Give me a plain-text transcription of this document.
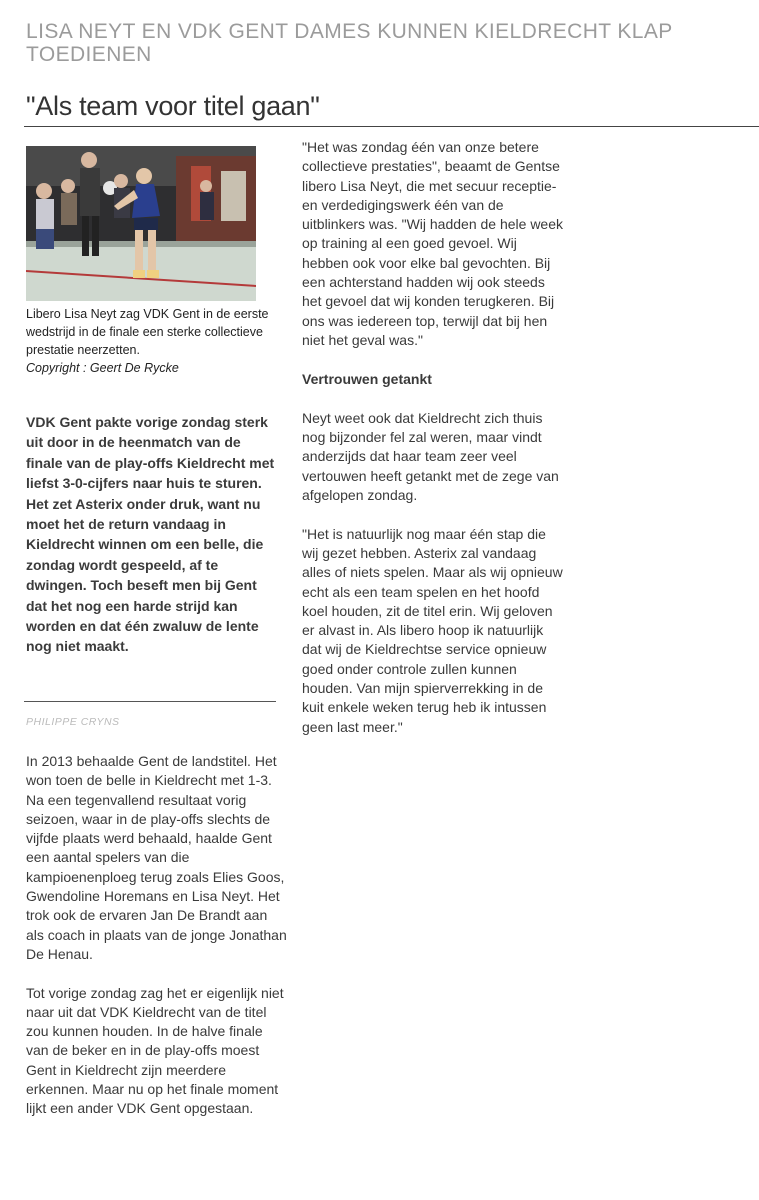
LISA NEYT EN VDK GENT DAMES KUNNEN KIELDRECHT KLAP TOEDIENEN
"Als team voor titel gaan"
Libero Lisa Neyt zag VDK Gent in de eerste wedstrijd in de finale een sterke collectieve prestatie neerzetten.
Copyright : Geert De Rycke
VDK Gent pakte vorige zondag sterk uit door in de heenmatch van de finale van de play-offs Kieldrecht met liefst 3-0-cijfers naar huis te sturen. Het zet Asterix onder druk, want nu moet het de return vandaag in Kieldrecht winnen om een belle, die zondag wordt gespeeld, af te dwingen. Toch beseft men bij Gent dat het nog een harde strijd kan worden en dat één zwaluw de lente nog niet maakt.
PHILIPPE CRYNS

In 2013 behaalde Gent de landstitel. Het won toen de belle in Kieldrecht met 1-3. Na een tegenvallend resultaat vorig seizoen, waar in de play-offs slechts de vijfde plaats werd behaald, haalde Gent een aantal spelers van die kampioenenploeg terug zoals Elies Goos, Gwendoline Horemans en Lisa Neyt. Het trok ook de ervaren Jan De Brandt aan als coach in plaats van de jonge Jonathan De Henau.

Tot vorige zondag zag het er eigenlijk niet naar uit dat VDK Kieldrecht van de titel zou kunnen houden. In de halve finale van de beker en in de play-offs moest Gent in Kieldrecht zijn meerdere erkennen. Maar nu op het finale moment lijkt een ander VDK Gent opgestaan.

"Het was zondag één van onze betere collectieve prestaties", beaamt de Gentse libero Lisa Neyt, die met secuur receptie- en verdedigingswerk één van de uitblinkers was. "Wij hadden de hele week op training al een goed gevoel. Wij hebben ook voor elke bal gevochten. Bij een achterstand hadden wij ook steeds het gevoel dat wij konden terugkeren. Bij ons was iedereen top, terwijl dat bij hen niet het geval was."

Vertrouwen getankt

Neyt weet ook dat Kieldrecht zich thuis nog bijzonder fel zal weren, maar vindt anderzijds dat haar team zeer veel vertouwen heeft getankt met de zege van afgelopen zondag.

"Het is natuurlijk nog maar één stap die wij gezet hebben. Asterix zal vandaag alles of niets spelen. Maar als wij opnieuw echt als een team spelen en het hoofd koel houden, zit de titel erin. Wij geloven er alvast in. Als libero hoop ik natuurlijk dat wij de Kieldrechtse service opnieuw goed onder controle zullen kunnen houden. Van mijn spierverrekking in de kuit enkele weken terug heb ik intussen geen last meer."
